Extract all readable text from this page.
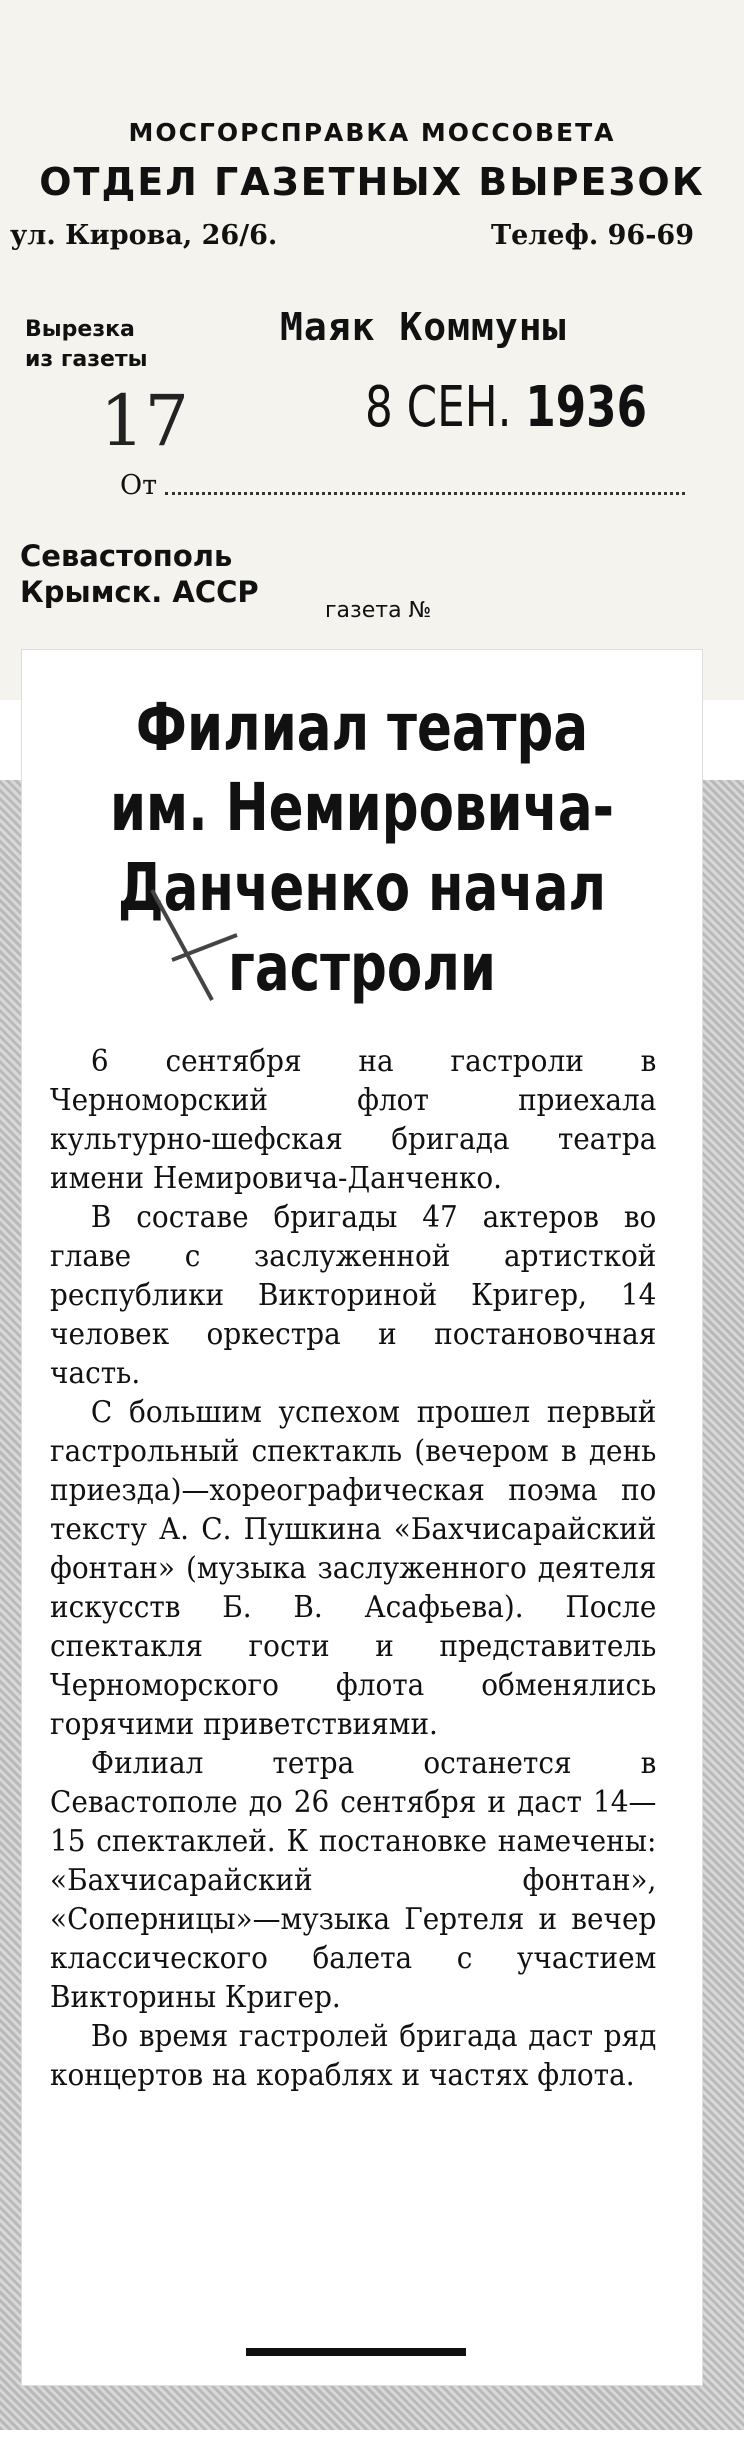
МОСГОРСПРАВКА МОССОВЕТА
ОТДЕЛ ГАЗЕТНЫХ ВЫРЕЗОК
ул. Кирова, 26/6.	Телеф. 96-69
Вырезка
из газеты
Маяк Коммуны
17	8 СЕН. 1936
От
Севастополь
Крымск. АССР
газета №
Филиал театра
им. Немировича-
Данченко начал
гастроли

6 сентября на гастроли в Черноморский флот приехала культурно-шефская бригада театра имени Немировича-Данченко.

В составе бригады 47 актеров во главе с заслуженной артисткой республики Викториной Кригер, 14 человек оркестра и постановочная часть.

С большим успехом прошел первый гастрольный спектакль (вечером в день приезда)—хореографическая поэма по тексту А. С. Пушкина «Бахчисарайский фонтан» (музыка заслуженного деятеля искусств Б. В. Асафьева). После спектакля гости и представитель Черноморского флота обменялись горячими приветствиями.

Филиал тетра останется в Севастополе до 26 сентября и даст 14—15 спектаклей. К постановке намечены: «Бахчисарайский фонтан», «Соперницы»—музыка Гертеля и вечер классического балета с участием Викторины Кригер.

Во время гастролей бригада даст ряд концертов на кораблях и частях флота.
